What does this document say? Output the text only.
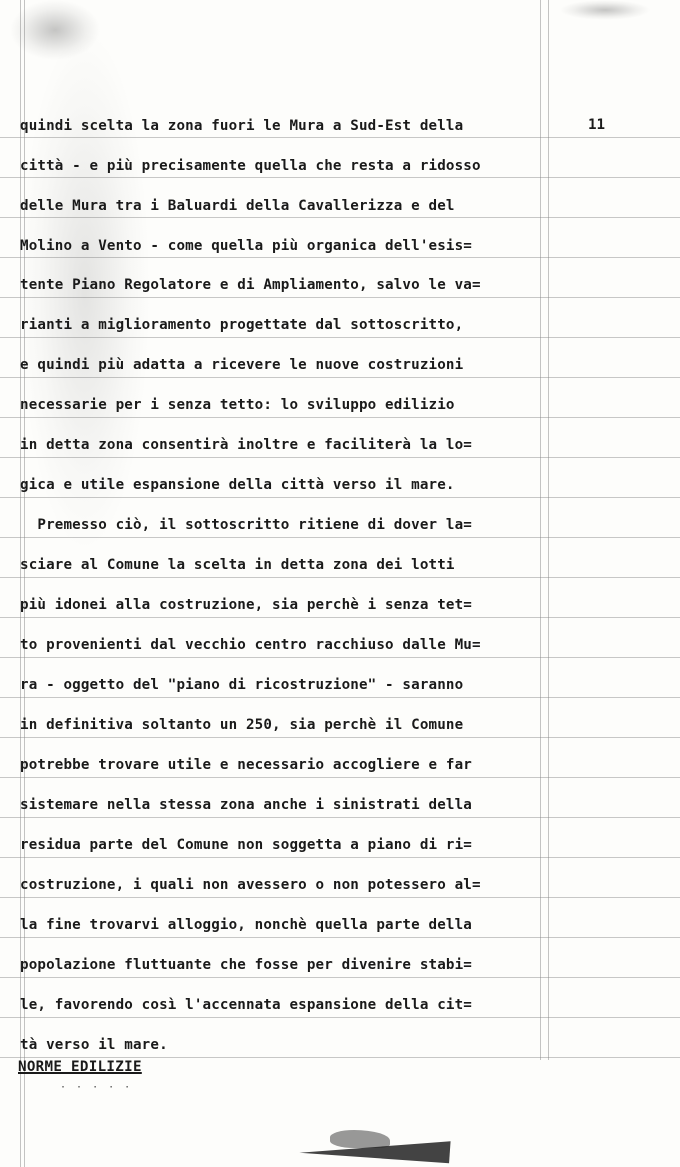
11
quindi scelta la zona fuori le Mura a Sud-Est della
città - e più precisamente quella che resta a ridosso
delle Mura tra i Baluardi della Cavallerizza e del
Molino a Vento - come quella più organica dell'esis=
tente Piano Regolatore e di Ampliamento, salvo le va=
rianti a miglioramento progettate dal sottoscritto,
e quindi più adatta a ricevere le nuove costruzioni
necessarie per i senza tetto: lo sviluppo edilizio
in detta zona consentirà inoltre e faciliterà la lo=
gica e utile espansione della città verso il mare.
Premesso ciò, il sottoscritto ritiene di dover la=
sciare al Comune la scelta in detta zona dei lotti
più idonei alla costruzione, sia perchè i senza tet=
to provenienti dal vecchio centro racchiuso dalle Mu=
ra - oggetto del "piano di ricostruzione" - saranno
in definitiva soltanto un 250, sia perchè il Comune
potrebbe trovare utile e necessario accogliere e far
sistemare nella stessa zona anche i sinistrati della
residua parte del Comune non soggetta a piano di ri=
costruzione, i quali non avessero o non potessero al=
la fine trovarvi alloggio, nonchè quella parte della
popolazione fluttuante che fosse per divenire stabi=
le, favorendo così l'accennata espansione della cit=
tà verso il mare.
NORME EDILIZIE
· · · · ·
